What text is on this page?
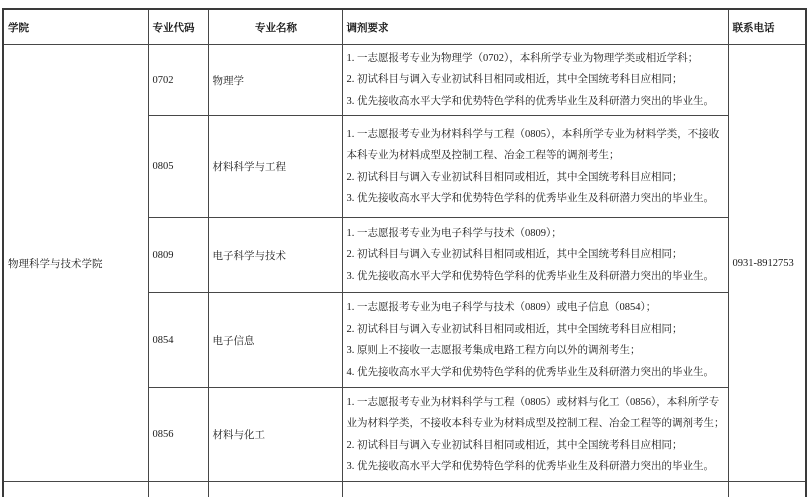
学院	专业代码	专业名称	调剂要求	联系电话
物理科学与技术学院	0702	物理学	1. 一志愿报考专业为物理学（0702），本科所学专业为物理学类或相近学科；
2. 初试科目与调入专业初试科目相同或相近，其中全国统考科目应相同；
3. 优先接收高水平大学和优势特色学科的优秀毕业生及科研潜力突出的毕业生。	0931-8912753
	0805	材料科学与工程	1. 一志愿报考专业为材料科学与工程（0805），本科所学专业为材料学类，不接收本科专业为材料成型及控制工程、冶金工程等的调剂考生；
2. 初试科目与调入专业初试科目相同或相近，其中全国统考科目应相同；
3. 优先接收高水平大学和优势特色学科的优秀毕业生及科研潜力突出的毕业生。	

	0809	电子科学与技术	1. 一志愿报考专业为电子科学与技术（0809）；
2. 初试科目与调入专业初试科目相同或相近，其中全国统考科目应相同；
3. 优先接收高水平大学和优势特色学科的优秀毕业生及科研潜力突出的毕业生。	

	0854	电子信息	1. 一志愿报考专业为电子科学与技术（0809）或电子信息（0854）；
2. 初试科目与调入专业初试科目相同或相近，其中全国统考科目应相同；
3. 原则上不接收一志愿报考集成电路工程方向以外的调剂考生；
4. 优先接收高水平大学和优势特色学科的优秀毕业生及科研潜力突出的毕业生。	

	0856	材料与化工	1. 一志愿报考专业为材料科学与工程（0805）或材料与化工（0856），本科所学专业为材料学类，不接收本科专业为材料成型及控制工程、冶金工程等的调剂考生；
2. 初试科目与调入专业初试科目相同或相近，其中全国统考科目应相同；
3. 优先接收高水平大学和优势特色学科的优秀毕业生及科研潜力突出的毕业生。	
